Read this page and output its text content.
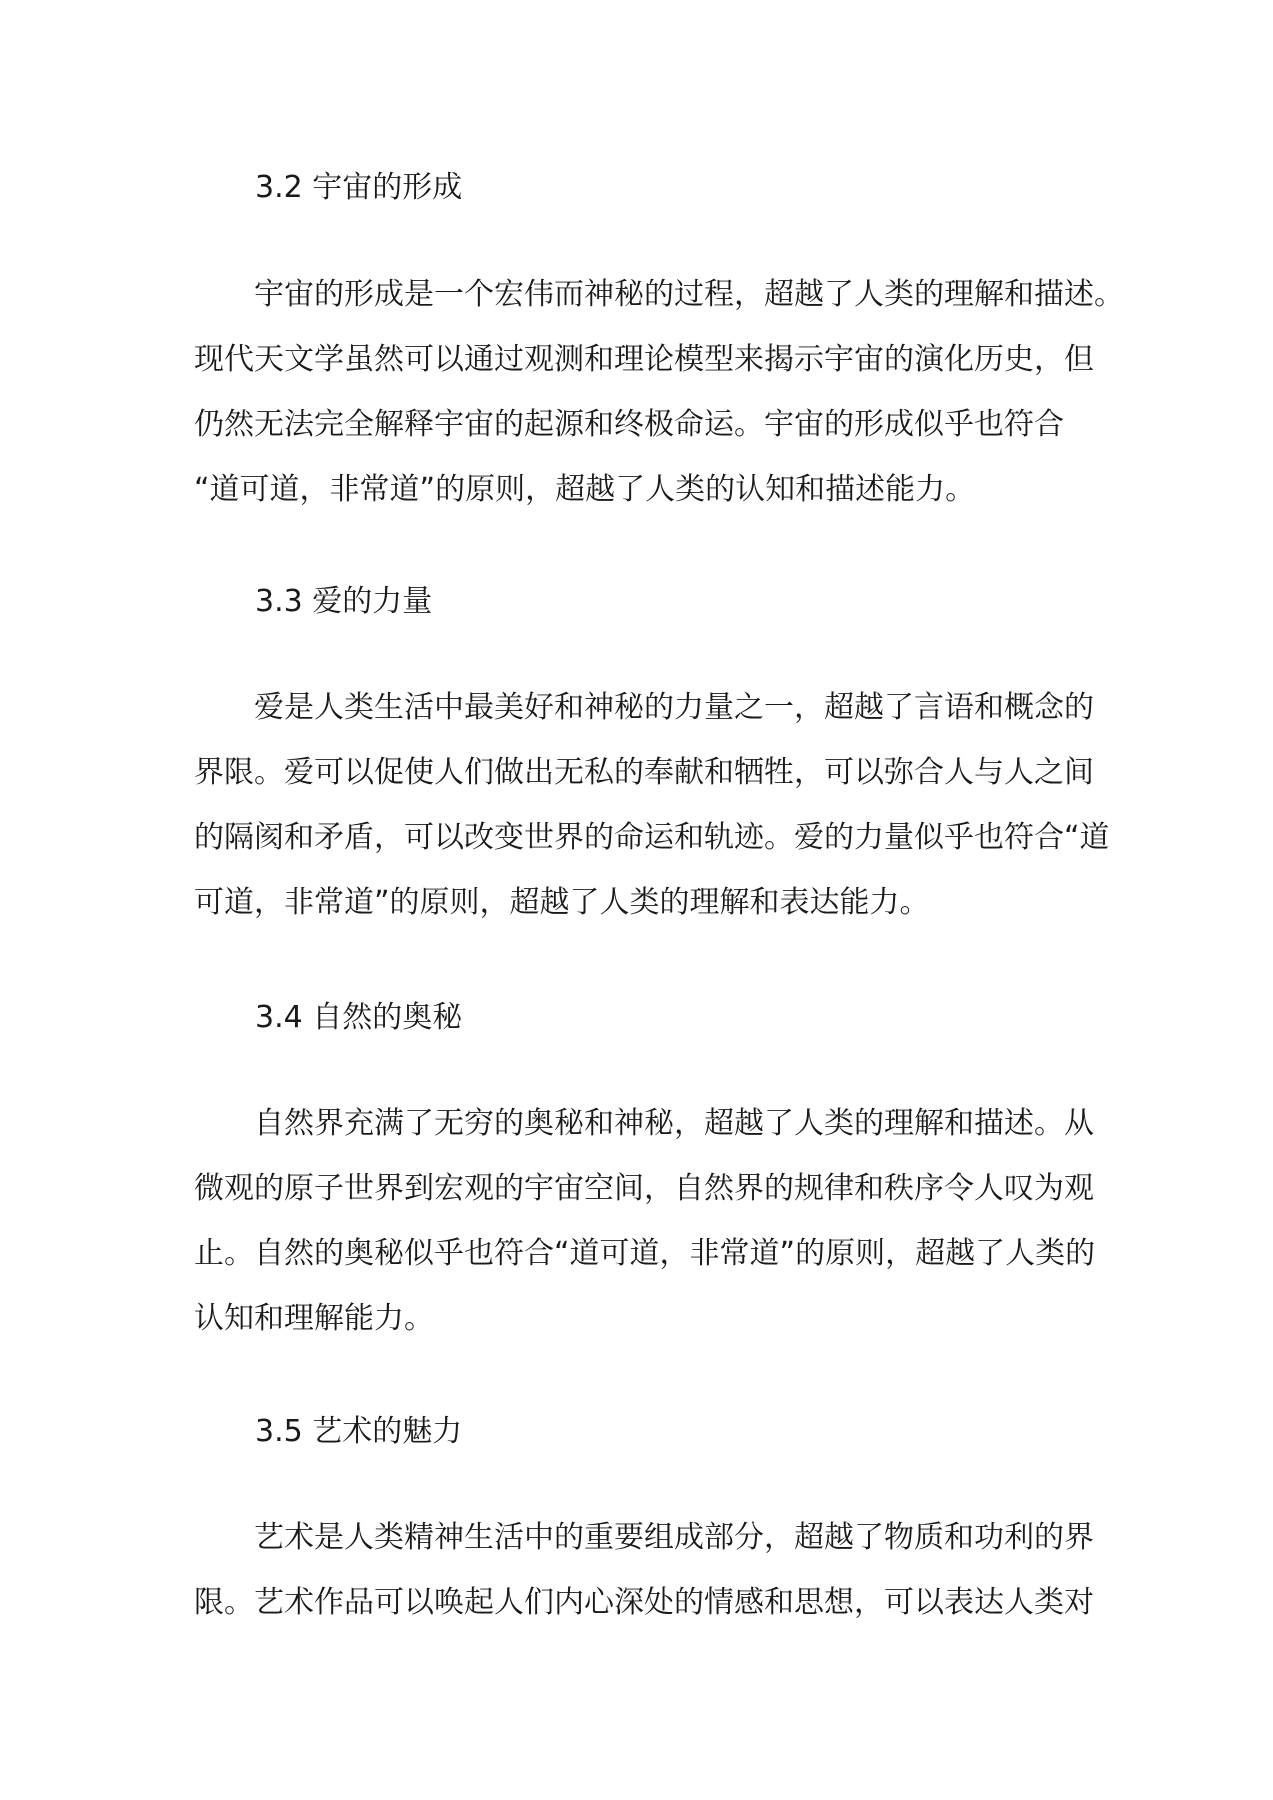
3.2 宇宙的形成
宇宙的形成是一个宏伟而神秘的过程，超越了人类的理解和描述。
现代天文学虽然可以通过观测和理论模型来揭示宇宙的演化历史，但
仍然无法完全解释宇宙的起源和终极命运。宇宙的形成似乎也符合
“道可道，非常道”的原则，超越了人类的认知和描述能力。
3.3 爱的力量
爱是人类生活中最美好和神秘的力量之一，超越了言语和概念的
界限。爱可以促使人们做出无私的奉献和牺牲，可以弥合人与人之间
的隔阂和矛盾，可以改变世界的命运和轨迹。爱的力量似乎也符合“道
可道，非常道”的原则，超越了人类的理解和表达能力。
3.4 自然的奥秘
自然界充满了无穷的奥秘和神秘，超越了人类的理解和描述。从
微观的原子世界到宏观的宇宙空间，自然界的规律和秩序令人叹为观
止。自然的奥秘似乎也符合“道可道，非常道”的原则，超越了人类的
认知和理解能力。
3.5 艺术的魅力
艺术是人类精神生活中的重要组成部分，超越了物质和功利的界
限。艺术作品可以唤起人们内心深处的情感和思想，可以表达人类对
